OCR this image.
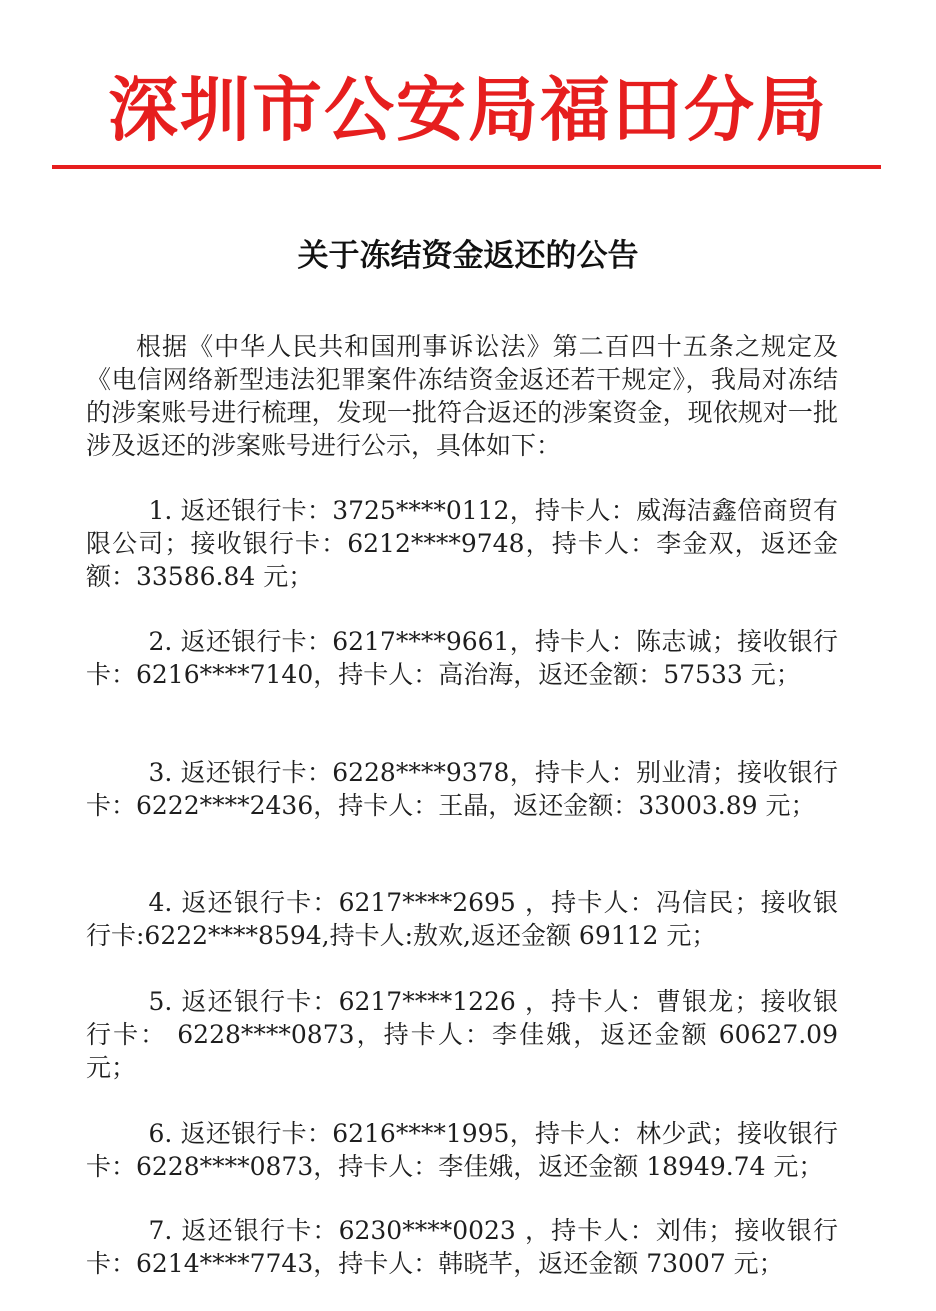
深圳市公安局福田分局
关于冻结资金返还的公告
根据《中华人民共和国刑事诉讼法》第二百四十五条之规定及《电信网络新型违法犯罪案件冻结资金返还若干规定》，我局对冻结的涉案账号进行梳理，发现一批符合返还的涉案资金，现依规对一批涉及返还的涉案账号进行公示，具体如下：
1. 返还银行卡：3725****0112，持卡人：威海洁鑫倍商贸有限公司；接收银行卡：6212****9748，持卡人：李金双，返还金额：33586.84 元；
2. 返还银行卡：6217****9661，持卡人：陈志诚；接收银行卡：6216****7140，持卡人：高治海，返还金额：57533 元；
3. 返还银行卡：6228****9378，持卡人：别业清；接收银行卡：6222****2436，持卡人：王晶，返还金额：33003.89 元；
4. 返还银行卡：6217****2695 ，持卡人：冯信民；接收银行卡:6222****8594,持卡人:敖欢,返还金额 69112 元；
5. 返还银行卡：6217****1226 ，持卡人：曹银龙；接收银行卡： 6228****0873，持卡人：李佳娥，返还金额 60627.09 元；
6. 返还银行卡：6216****1995，持卡人：林少武；接收银行卡：6228****0873，持卡人：李佳娥，返还金额 18949.74 元；
7. 返还银行卡：6230****0023 ，持卡人：刘伟；接收银行卡：6214****7743，持卡人：韩晓芊，返还金额 73007 元；
